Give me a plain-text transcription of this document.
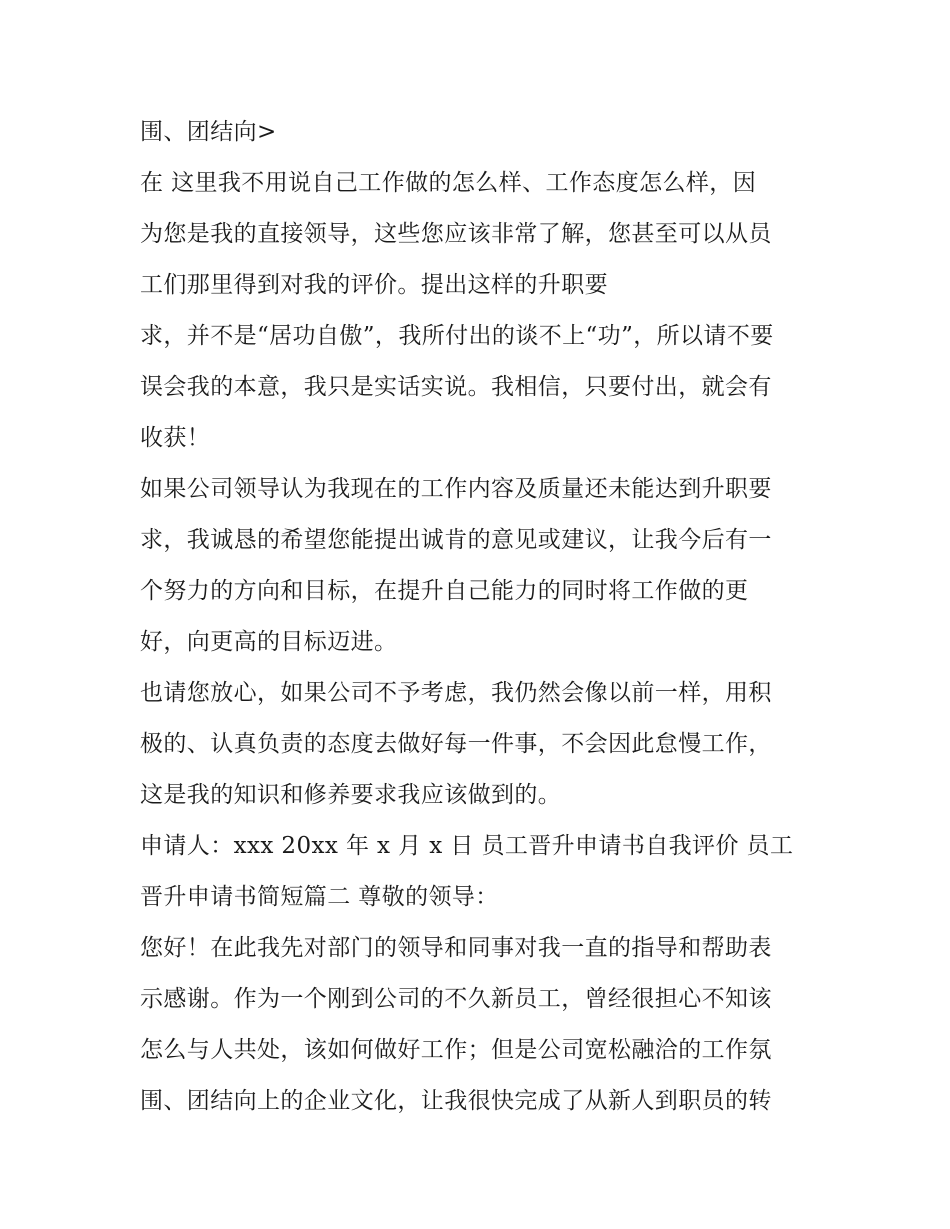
围、团结向>
在 这里我不用说自己工作做的怎么样、工作态度怎么样，因
为您是我的直接领导，这些您应该非常了解，您甚至可以从员
工们那里得到对我的评价。提出这样的升职要
求，并不是“居功自傲”，我所付出的谈不上“功”，所以请不要
误会我的本意，我只是实话实说。我相信，只要付出，就会有
收获！
如果公司领导认为我现在的工作内容及质量还未能达到升职要
求，我诚恳的希望您能提出诚肯的意见或建议，让我今后有一
个努力的方向和目标，在提升自己能力的同时将工作做的更
好，向更高的目标迈进。
也请您放心，如果公司不予考虑，我仍然会像以前一样，用积
极的、认真负责的态度去做好每一件事，不会因此怠慢工作，
这是我的知识和修养要求我应该做到的。
申请人：xxx 20xx 年 x 月 x 日 员工晋升申请书自我评价 员工
晋升申请书简短篇二 尊敬的领导：
您好！在此我先对部门的领导和同事对我一直的指导和帮助表
示感谢。作为一个刚到公司的不久新员工，曾经很担心不知该
怎么与人共处，该如何做好工作；但是公司宽松融洽的工作氛
围、团结向上的企业文化，让我很快完成了从新人到职员的转
